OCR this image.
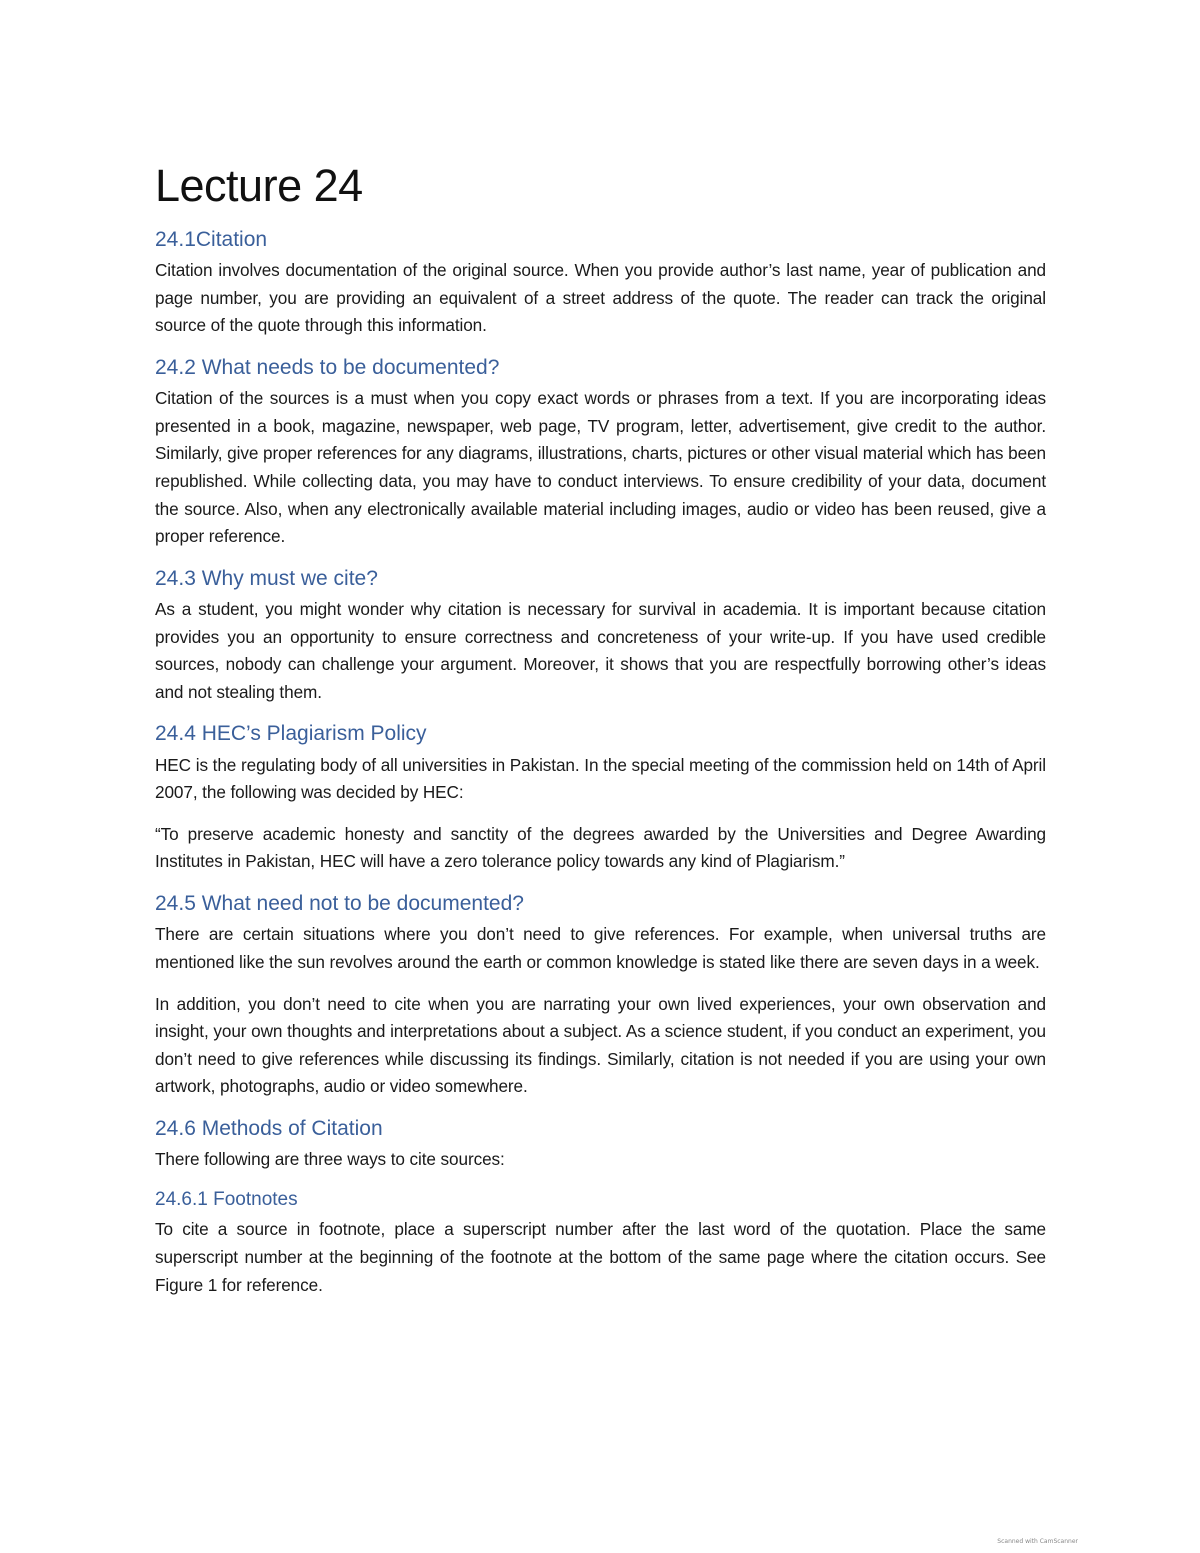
Lecture 24
24.1Citation

Citation involves documentation of the original source. When you provide author’s last name, year of publication and page number, you are providing an equivalent of a street address of the quote. The reader can track the original source of the quote through this information.

24.2 What needs to be documented?

Citation of the sources is a must when you copy exact words or phrases from a text. If you are incorporating ideas presented in a book, magazine, newspaper, web page, TV program, letter, advertisement, give credit to the author. Similarly, give proper references for any diagrams, illustrations, charts, pictures or other visual material which has been republished. While collecting data, you may have to conduct interviews. To ensure credibility of your data, document the source. Also, when any electronically available material including images, audio or video has been reused, give a proper reference.

24.3 Why must we cite?

As a student, you might wonder why citation is necessary for survival in academia. It is important because citation provides you an opportunity to ensure correctness and concreteness of your write-up. If you have used credible sources, nobody can challenge your argument. Moreover, it shows that you are respectfully borrowing other’s ideas and not stealing them.

24.4 HEC’s Plagiarism Policy

HEC is the regulating body of all universities in Pakistan. In the special meeting of the commission held on 14th of April 2007, the following was decided by HEC:

“To preserve academic honesty and sanctity of the degrees awarded by the Universities and Degree Awarding Institutes in Pakistan, HEC will have a zero tolerance policy towards any kind of Plagiarism.”

24.5 What need not to be documented?

There are certain situations where you don’t need to give references. For example, when universal truths are mentioned like the sun revolves around the earth or common knowledge is stated like there are seven days in a week.

In addition, you don’t need to cite when you are narrating your own lived experiences, your own observation and insight, your own thoughts and interpretations about a subject. As a science student, if you conduct an experiment, you don’t need to give references while discussing its findings. Similarly, citation is not needed if you are using your own artwork, photographs, audio or video somewhere.

24.6 Methods of Citation

There following are three ways to cite sources:

24.6.1 Footnotes

To cite a source in footnote, place a superscript number after the last word of the quotation. Place the same superscript number at the beginning of the footnote at the bottom of the same page where the citation occurs. See Figure 1 for reference.

Scanned with CamScanner
